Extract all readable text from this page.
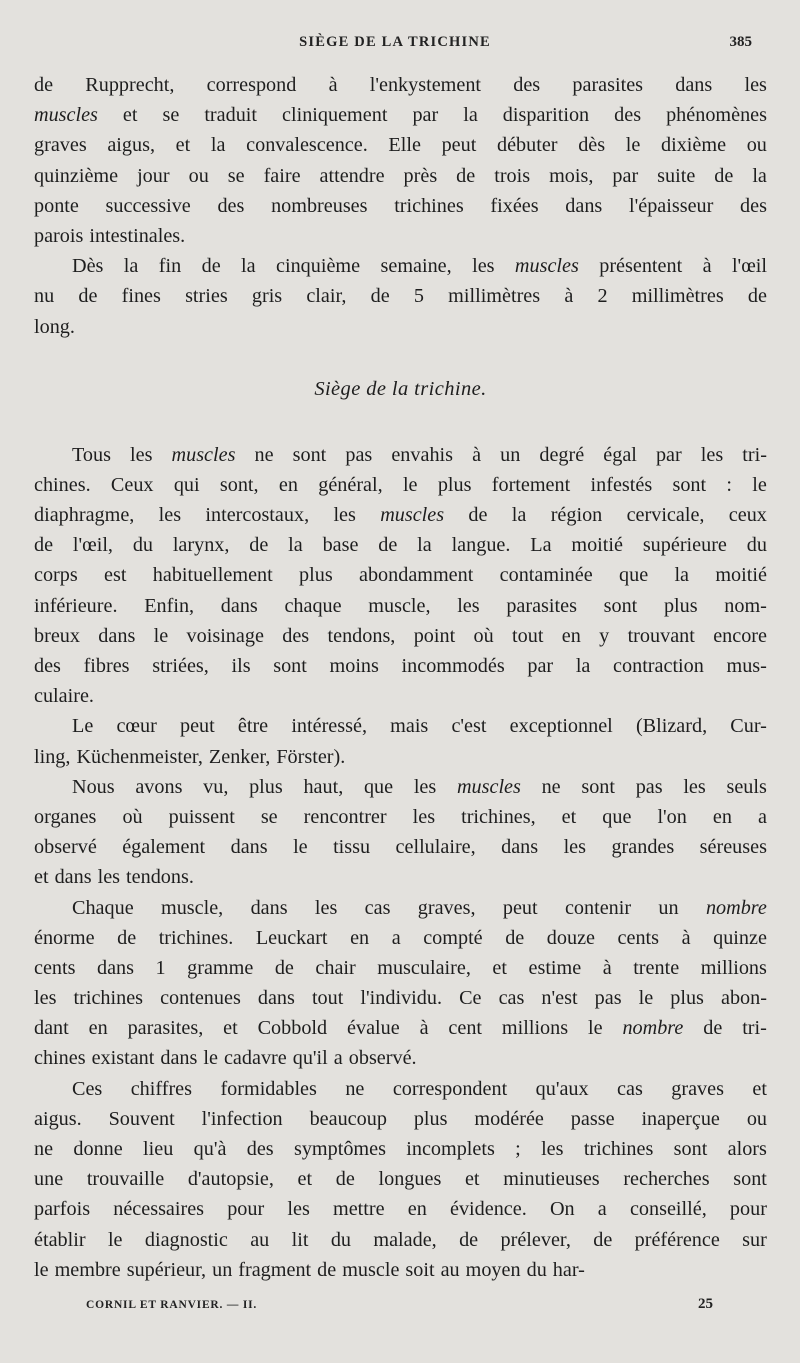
SIÈGE DE LA TRICHINE	385
de Rupprecht, correspond à l'enkystement des parasites dans les
muscles et se traduit cliniquement par la disparition des phénomènes
graves aigus, et la convalescence. Elle peut débuter dès le dixième ou
quinzième jour ou se faire attendre près de trois mois, par suite de la
ponte successive des nombreuses trichines fixées dans l'épaisseur des
parois intestinales.
Dès la fin de la cinquième semaine, les muscles présentent à l'œil
nu de fines stries gris clair, de 5 millimètres à 2 millimètres de
long.
Siège de la trichine.
Tous les muscles ne sont pas envahis à un degré égal par les tri-
chines. Ceux qui sont, en général, le plus fortement infestés sont : le
diaphragme, les intercostaux, les muscles de la région cervicale, ceux
de l'œil, du larynx, de la base de la langue. La moitié supérieure du
corps est habituellement plus abondamment contaminée que la moitié
inférieure. Enfin, dans chaque muscle, les parasites sont plus nom-
breux dans le voisinage des tendons, point où tout en y trouvant encore
des fibres striées, ils sont moins incommodés par la contraction mus-
culaire.
Le cœur peut être intéressé, mais c'est exceptionnel (Blizard, Cur-
ling, Küchenmeister, Zenker, Förster).
Nous avons vu, plus haut, que les muscles ne sont pas les seuls
organes où puissent se rencontrer les trichines, et que l'on en a
observé également dans le tissu cellulaire, dans les grandes séreuses
et dans les tendons.
Chaque muscle, dans les cas graves, peut contenir un nombre
énorme de trichines. Leuckart en a compté de douze cents à quinze
cents dans 1 gramme de chair musculaire, et estime à trente millions
les trichines contenues dans tout l'individu. Ce cas n'est pas le plus abon-
dant en parasites, et Cobbold évalue à cent millions le nombre de tri-
chines existant dans le cadavre qu'il a observé.
Ces chiffres formidables ne correspondent qu'aux cas graves et
aigus. Souvent l'infection beaucoup plus modérée passe inaperçue ou
ne donne lieu qu'à des symptômes incomplets ; les trichines sont alors
une trouvaille d'autopsie, et de longues et minutieuses recherches sont
parfois nécessaires pour les mettre en évidence. On a conseillé, pour
établir le diagnostic au lit du malade, de prélever, de préférence sur
le membre supérieur, un fragment de muscle soit au moyen du har-
CORNIL ET RANVIER. — II.	25
